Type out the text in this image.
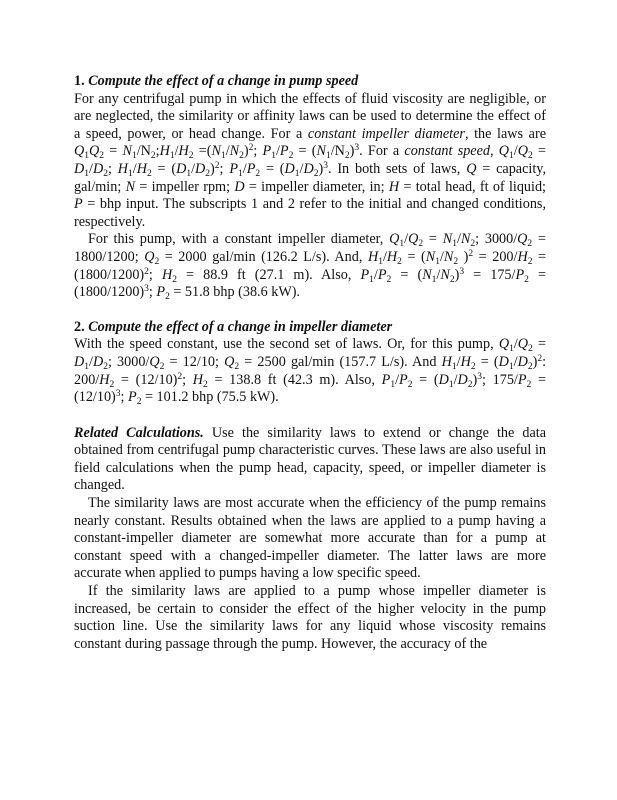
1. Compute the effect of a change in pump speed

For any centrifugal pump in which the effects of fluid viscosity are negligible, or are neglected, the similarity or affinity laws can be used to determine the effect of a speed, power, or head change. For a constant impeller diameter, the laws are $Q_1Q_2$ = $N_1/N_2;H_1/H_2 =(N_1/N_2)^2$; $P_1/P_2 = (N_1/N_2)^3$. For a constant speed, $Q_1/Q_2 = D_1/D_2$; $H_1/H_2 = (D_1/D_2)^2$; $P_1/P_2 = (D_1/D_2)^3$. In both sets of laws, Q = capacity, gal/min; N = impeller rpm; D = impeller diameter, in; H = total head, ft of liquid; P = bhp input. The subscripts 1 and 2 refer to the initial and changed conditions, respectively.

For this pump, with a constant impeller diameter, $Q_1/Q_2 = N_1/N_2$; $3000/Q_2 = 1800/1200$; $Q_2 = 2000$ gal/min (126.2 L/s). And, $H_1/H_2 = (N_1/N_2$ )$^2 = 200/H_2 = (1800/1200)^2$; $H_2 = 88.9$ ft (27.1 m). Also, $P_1/P_2 = (N_1/N_2)^3 = 175/P_2 = (1800/1200)^3$; $P_2 = 51.8$ bhp (38.6 kW).

2. Compute the effect of a change in impeller diameter

With the speed constant, use the second set of laws. Or, for this pump, $Q_1/Q_2 = D_1/D_2$; $3000/Q_2 = 12/10$; $Q_2 = 2500$ gal/min (157.7 L/s). And $H_1/H_2 = (D_1/D_2)^2$: $200/H_2 = (12/10)^2$; $H_2 = 138.8$ ft (42.3 m). Also, $P_1/P_2 = (D_1/D_2)^3$; $175/P_2 = (12/10)^3$; $P_2 = 101.2$ bhp (75.5 kW).

Related Calculations. Use the similarity laws to extend or change the data obtained from centrifugal pump characteristic curves. These laws are also useful in field calculations when the pump head, capacity, speed, or impeller diameter is changed.

The similarity laws are most accurate when the efficiency of the pump remains nearly constant. Results obtained when the laws are applied to a pump having a constant-impeller diameter are somewhat more accurate than for a pump at constant speed with a changed-impeller diameter. The latter laws are more accurate when applied to pumps having a low specific speed.

If the similarity laws are applied to a pump whose impeller diameter is increased, be certain to consider the effect of the higher velocity in the pump suction line. Use the similarity laws for any liquid whose viscosity remains constant during passage through the pump. However, the accuracy of the
